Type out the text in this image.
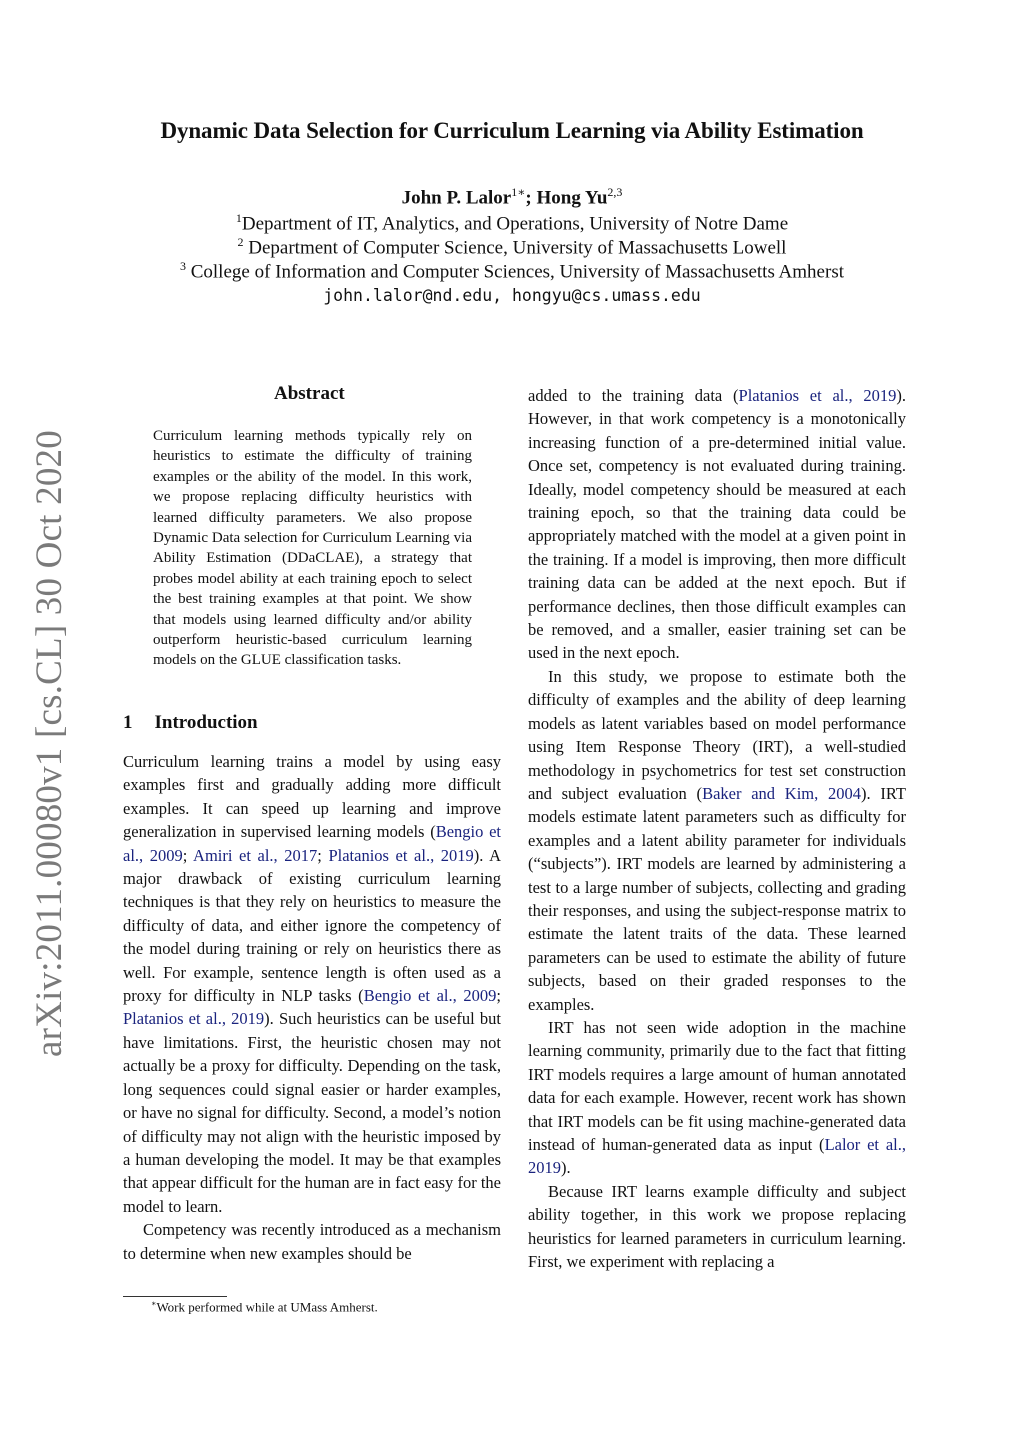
Dynamic Data Selection for Curriculum Learning via Ability Estimation
John P. Lalor$^{1∗}$; Hong Yu$^{2,3}$
$^1$Department of IT, Analytics, and Operations, University of Notre Dame
$^2$ Department of Computer Science, University of Massachusetts Lowell
$^3$ College of Information and Computer Sciences, University of Massachusetts Amherst
john.lalor@nd.edu, hongyu@cs.umass.edu
arXiv:2011.00080v1 [cs.CL] 30 Oct 2020
Abstract
Curriculum learning methods typically rely on heuristics to estimate the difficulty of training examples or the ability of the model. In this work, we propose replacing difficulty heuristics with learned difficulty parameters. We also propose Dynamic Data selection for Curriculum Learning via Ability Estimation (DDaCLAE), a strategy that probes model ability at each training epoch to select the best training examples at that point. We show that models using learned difficulty and/or ability outperform heuristic-based curriculum learning models on the GLUE classification tasks.
1 Introduction

Curriculum learning trains a model by using easy examples first and gradually adding more difficult examples. It can speed up learning and improve generalization in supervised learning models (Bengio et al., 2009; Amiri et al., 2017; Platanios et al., 2019). A major drawback of existing curriculum learning techniques is that they rely on heuristics to measure the difficulty of data, and either ignore the competency of the model during training or rely on heuristics there as well. For example, sentence length is often used as a proxy for difficulty in NLP tasks (Bengio et al., 2009; Platanios et al., 2019). Such heuristics can be useful but have limitations. First, the heuristic chosen may not actually be a proxy for difficulty. Depending on the task, long sequences could signal easier or harder examples, or have no signal for difficulty. Second, a model’s notion of difficulty may not align with the heuristic imposed by a human developing the model. It may be that examples that appear difficult for the human are in fact easy for the model to learn.

Competency was recently introduced as a mechanism to determine when new examples should be

∗Work performed while at UMass Amherst.

added to the training data (Platanios et al., 2019). However, in that work competency is a monotonically increasing function of a pre-determined initial value. Once set, competency is not evaluated during training. Ideally, model competency should be measured at each training epoch, so that the training data could be appropriately matched with the model at a given point in the training. If a model is improving, then more difficult training data can be added at the next epoch. But if performance declines, then those difficult examples can be removed, and a smaller, easier training set can be used in the next epoch.

In this study, we propose to estimate both the difficulty of examples and the ability of deep learning models as latent variables based on model performance using Item Response Theory (IRT), a well-studied methodology in psychometrics for test set construction and subject evaluation (Baker and Kim, 2004). IRT models estimate latent parameters such as difficulty for examples and a latent ability parameter for individuals (“subjects”). IRT models are learned by administering a test to a large number of subjects, collecting and grading their responses, and using the subject-response matrix to estimate the latent traits of the data. These learned parameters can be used to estimate the ability of future subjects, based on their graded responses to the examples.

IRT has not seen wide adoption in the machine learning community, primarily due to the fact that fitting IRT models requires a large amount of human annotated data for each example. However, recent work has shown that IRT models can be fit using machine-generated data instead of human-generated data as input (Lalor et al., 2019).

Because IRT learns example difficulty and subject ability together, in this work we propose replacing heuristics for learned parameters in curriculum learning. First, we experiment with replacing a
